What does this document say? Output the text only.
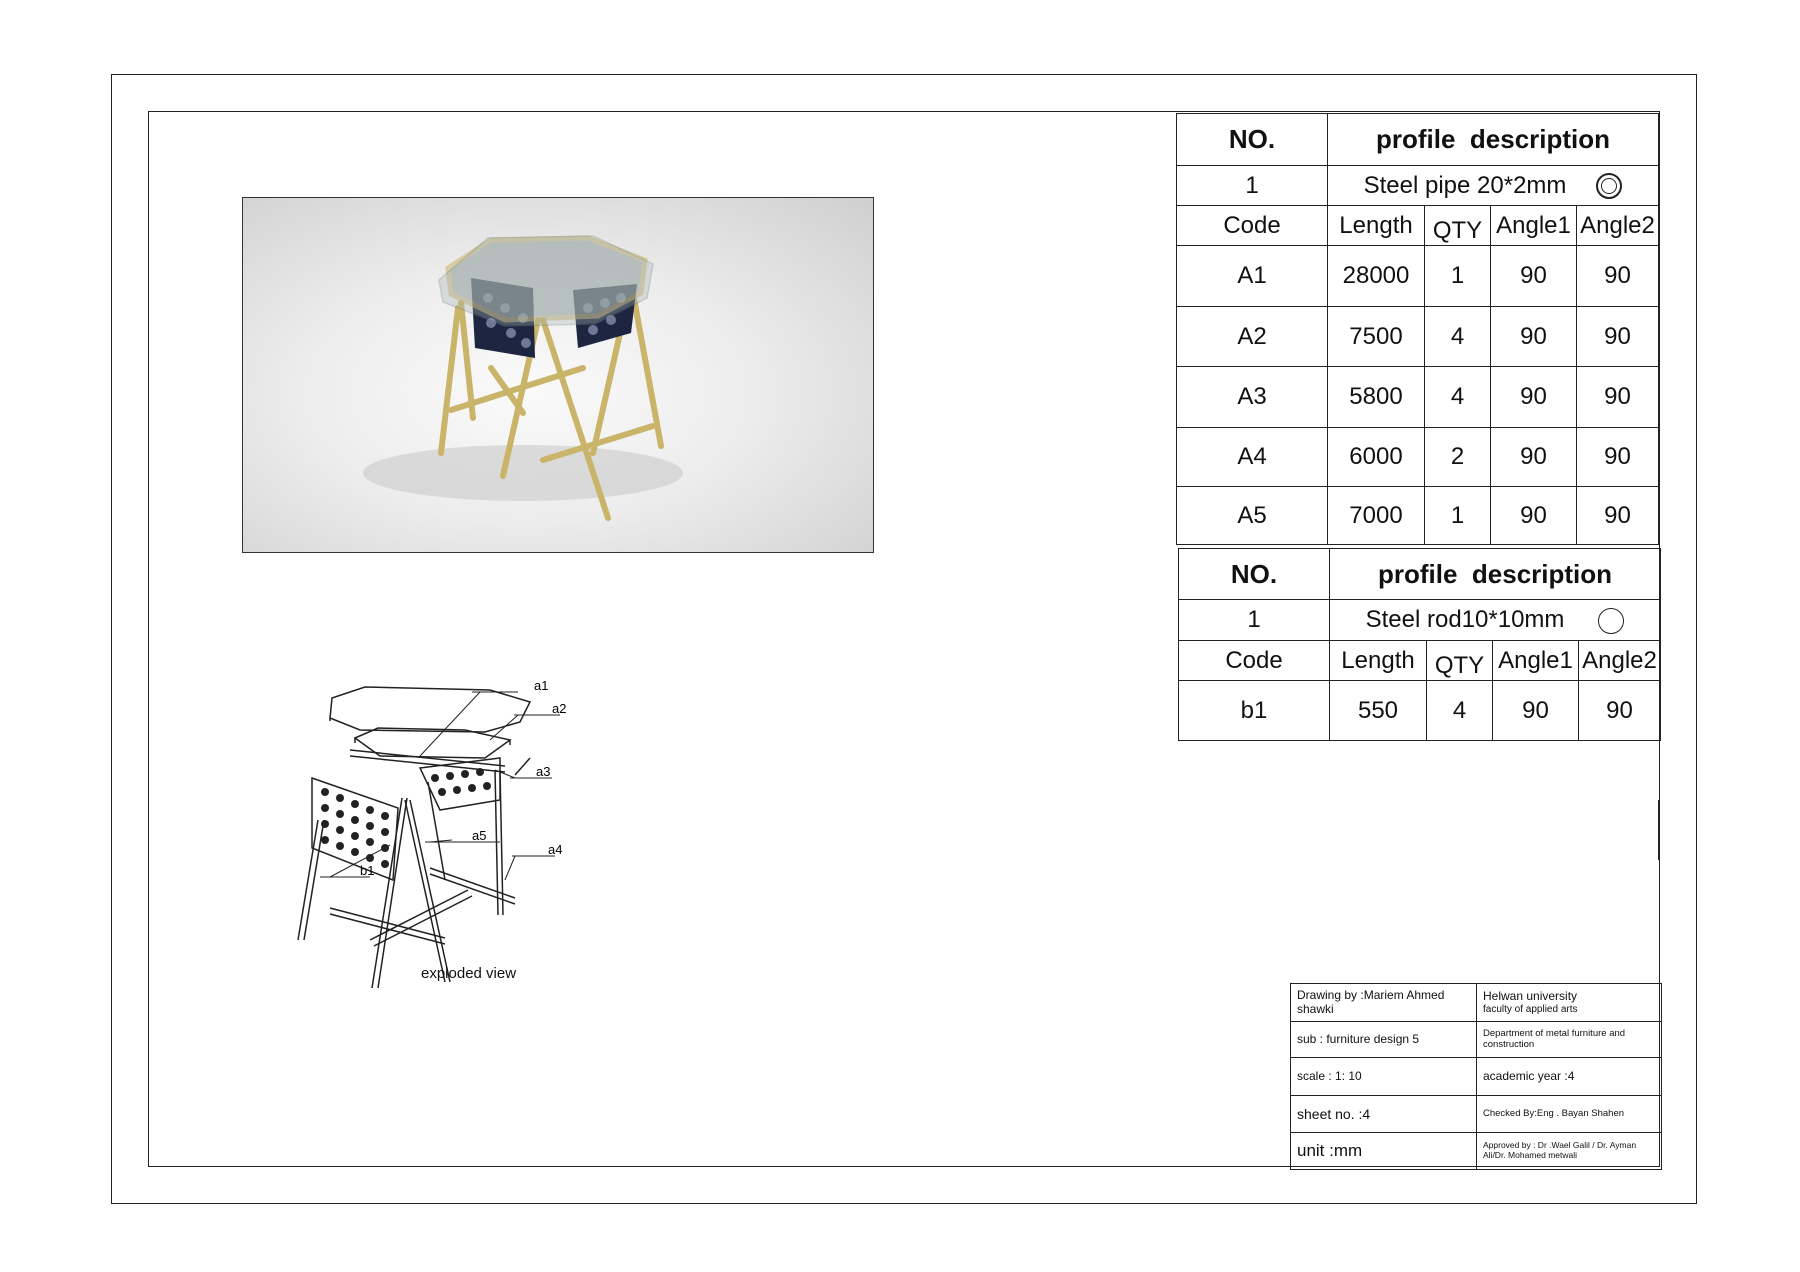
NO.	profile  description			
1	Steel pipe 20*2mm			
Code	Length	QTY	Angle1	Angle2
A1	28000	1	90	90
A2	7500	4	90	90
A3	5800	4	90	90
A4	6000	2	90	90
A5	7000	1	90	90
NO.	profile  description			
1	Steel rod10*10mm			
Code	Length	QTY	Angle1	Angle2
b1	550	4	90	90
a1
a2
a3
a4
a5
b1
exploded view
Drawing by :Mariem Ahmed shawki	Helwan university
faculty of applied arts

sub : furniture design 5	Department of metal furniture and construction
scale : 1: 10	academic year :4
sheet no. :4	Checked By:Eng . Bayan Shahen
unit :mm	Approved by : Dr .Wael Galil / Dr. Ayman Ali/Dr. Mohamed metwali
